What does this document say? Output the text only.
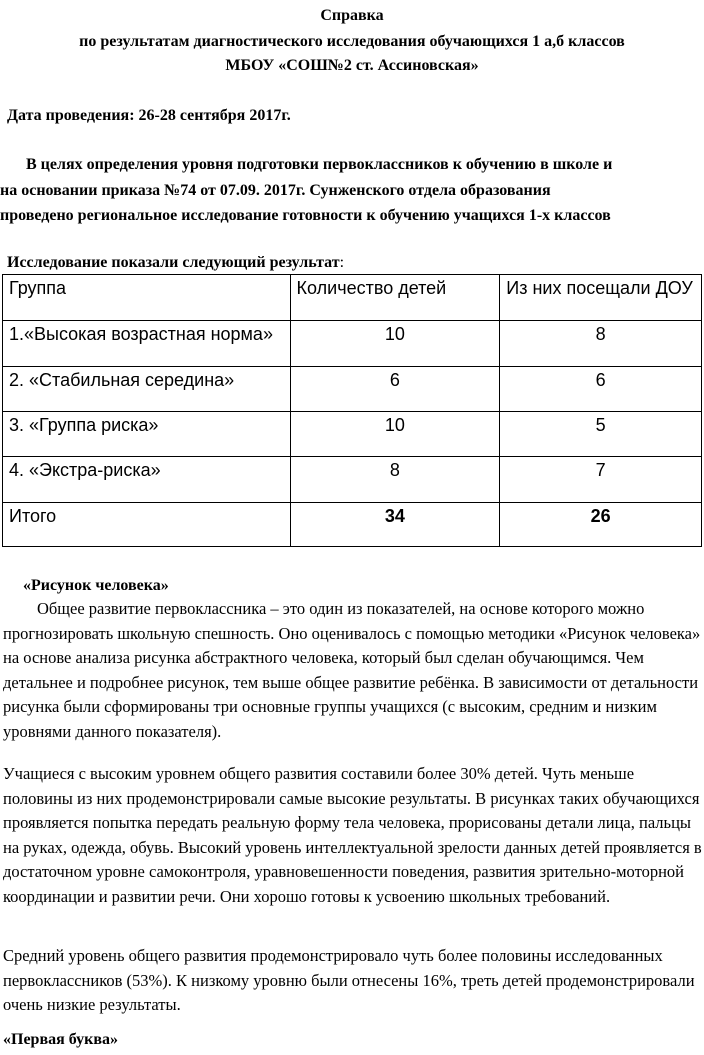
Справка
по результатам диагностического исследования обучающихся 1 а,б классов
МБОУ «СОШ№2 ст. Ассиновская»
Дата проведения: 26-28 сентября 2017г.
В целях определения уровня подготовки первоклассников к обучению в школе и
на основании приказа №74 от 07.09. 2017г. Сунженского отдела образования
проведено региональное исследование готовности к обучению учащихся 1-х классов
Исследование показали следующий результат:
Группа	Количество детей	Из них посещали ДОУ
1.«Высокая возрастная норма»	10	8
2. «Стабильная середина»	6	6
3. «Группа риска»	10	5
4. «Экстра-риска»	8	7
Итого	34	26
«Рисунок человека»
Общее развитие первоклассника – это один из показателей, на основе которого можно прогнозировать школьную спешность. Оно оценивалось с помощью методики «Рисунок человека» на основе анализа рисунка абстрактного человека, который был сделан обучающимся. Чем детальнее и подробнее рисунок, тем выше общее развитие ребёнка. В зависимости от детальности рисунка были сформированы три основные группы учащихся (с высоким, средним и низким уровнями данного показателя).
Учащиеся с высоким уровнем общего развития составили более 30% детей. Чуть меньше половины из них продемонстрировали самые высокие результаты. В рисунках таких обучающихся проявляется попытка передать реальную форму тела человека, прорисованы детали лица, пальцы на руках, одежда, обувь. Высокий уровень интеллектуальной зрелости данных детей проявляется в достаточном уровне самоконтроля, уравновешенности поведения, развития зрительно-моторной координации и развитии речи. Они хорошо готовы к усвоению школьных требований.
Средний уровень общего развития продемонстрировало чуть более половины исследованных первоклассников (53%). К низкому уровню были отнесены 16%, треть детей продемонстрировали очень низкие результаты.
«Первая буква»
